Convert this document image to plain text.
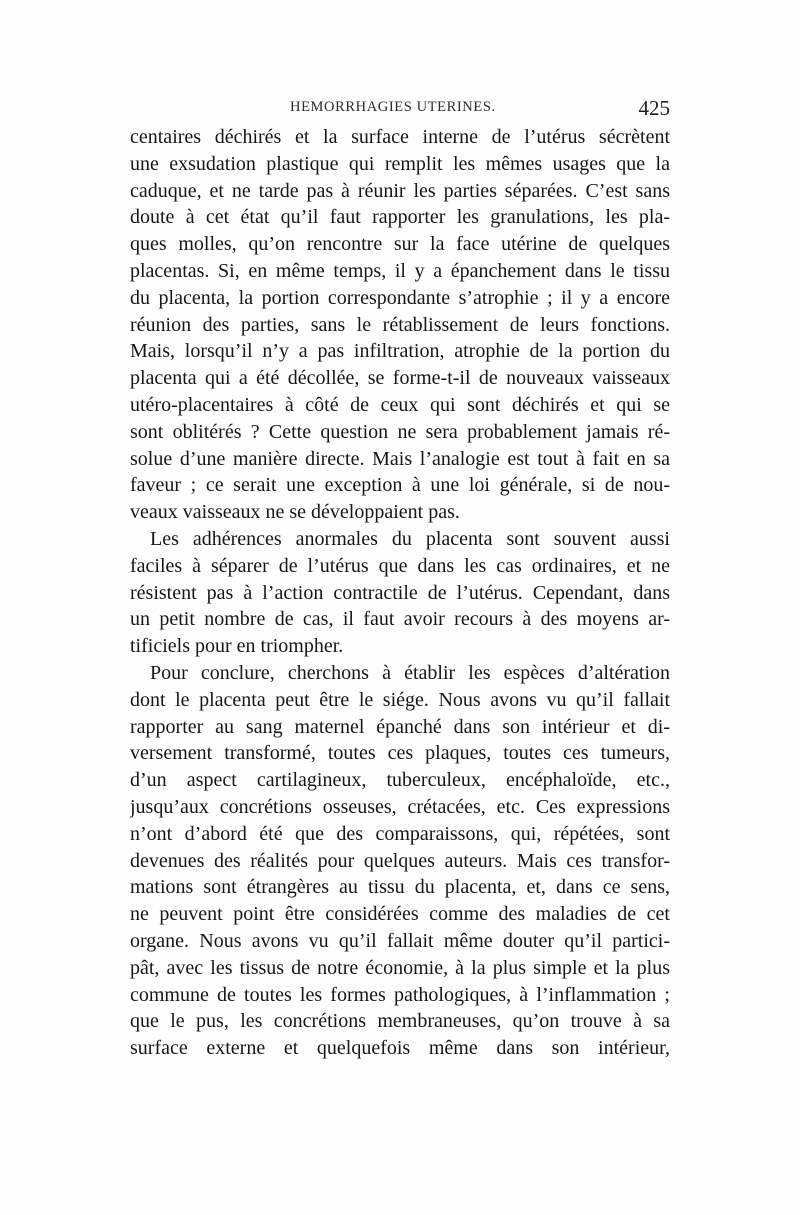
HEMORRHAGIES UTERINES.	425
centaires déchirés et la surface interne de l’utérus sécrètent
une exsudation plastique qui remplit les mêmes usages que la
caduque, et ne tarde pas à réunir les parties séparées. C’est sans
doute à cet état qu’il faut rapporter les granulations, les pla-
ques molles, qu’on rencontre sur la face utérine de quelques
placentas. Si, en même temps, il y a épanchement dans le tissu
du placenta, la portion correspondante s’atrophie ; il y a encore
réunion des parties, sans le rétablissement de leurs fonctions.
Mais, lorsqu’il n’y a pas infiltration, atrophie de la portion du
placenta qui a été décollée, se forme-t-il de nouveaux vaisseaux
utéro-placentaires à côté de ceux qui sont déchirés et qui se
sont oblitérés ? Cette question ne sera probablement jamais ré-
solue d’une manière directe. Mais l’analogie est tout à fait en sa
faveur ; ce serait une exception à une loi générale, si de nou-
veaux vaisseaux ne se développaient pas.
Les adhérences anormales du placenta sont souvent aussi
faciles à séparer de l’utérus que dans les cas ordinaires, et ne
résistent pas à l’action contractile de l’utérus. Cependant, dans
un petit nombre de cas, il faut avoir recours à des moyens ar-
tificiels pour en triompher.
Pour conclure, cherchons à établir les espèces d’altération
dont le placenta peut être le siége. Nous avons vu qu’il fallait
rapporter au sang maternel épanché dans son intérieur et di-
versement transformé, toutes ces plaques, toutes ces tumeurs,
d’un aspect cartilagineux, tuberculeux, encéphaloïde, etc.,
jusqu’aux concrétions osseuses, crétacées, etc. Ces expressions
n’ont d’abord été que des comparaissons, qui, répétées, sont
devenues des réalités pour quelques auteurs. Mais ces transfor-
mations sont étrangères au tissu du placenta, et, dans ce sens,
ne peuvent point être considérées comme des maladies de cet
organe. Nous avons vu qu’il fallait même douter qu’il partici-
pât, avec les tissus de notre économie, à la plus simple et la plus
commune de toutes les formes pathologiques, à l’inflammation ;
que le pus, les concrétions membraneuses, qu’on trouve à sa
surface externe et quelquefois même dans son intérieur,
